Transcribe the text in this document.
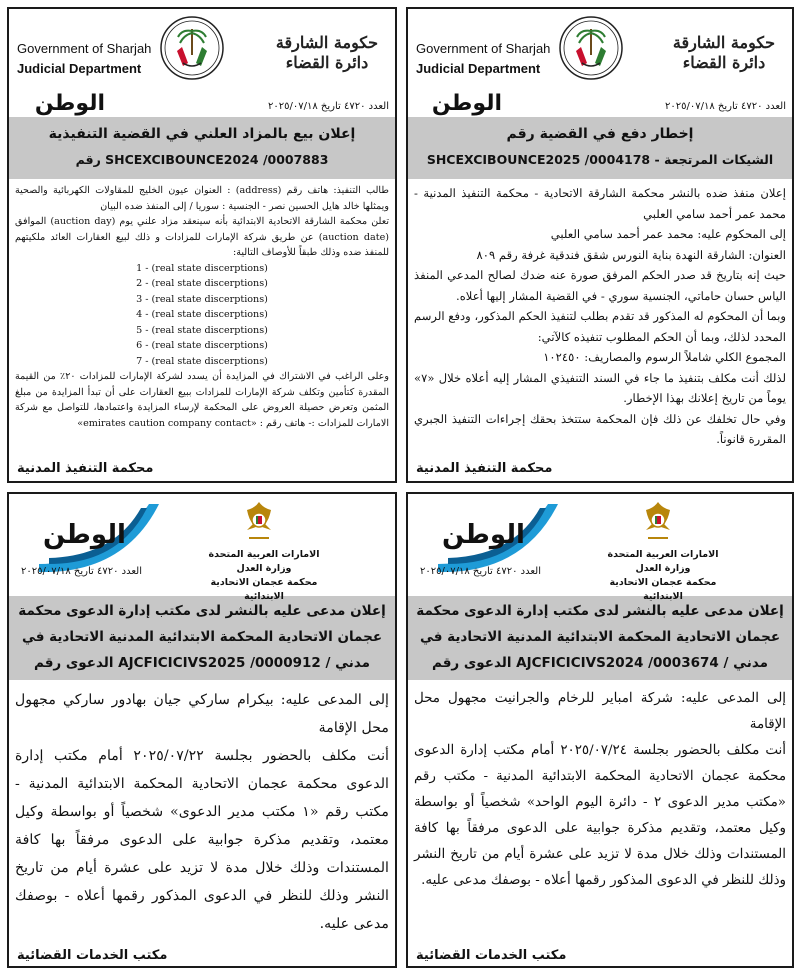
Government of Sharjah
Judicial Department
حكومة الشارقة
دائرة القضاء
الوطن	العدد ٤٧٢٠ تاريخ ٢٠٢٥/٠٧/١٨
إعلان بيع بالمزاد العلني في القضية التنفيذية
رقم SHCEXCIBOUNCE2024 /0007883

طالب التنفيذ: هاتف رقم (address) : العنوان عيون الخليج للمقاولات الكهربائية والصحية ويمثلها خالد هايل الحسين نصر - الجنسية : سوريا / إلى المنفذ ضده البيان

تعلن محكمة الشارقة الاتحادية الابتدائية بأنه سينعقد مزاد علني يوم (auction day) الموافق (auction date) عن طريق شركة الإمارات للمزادات و ذلك لبيع العقارات العائد ملكيتهم للمنفذ ضده وذلك طبقاً للأوصاف التالية:

1 - (real state discerptions)
2 - (real state discerptions)
3 - (real state discerptions)
4 - (real state discerptions)
5 - (real state discerptions)
6 - (real state discerptions)
7 - (real state discerptions)

وعلى الراغب في الاشتراك في المزايدة أن يسدد لشركة الإمارات للمزادات ٢٠٪ من القيمة المقدرة كتأمين وتكلف شركة الإمارات للمزادات ببيع العقارات على أن تبدأ المزايدة من مبلغ المثمن وتعرض حصيلة العروض على المحكمة لإرساء المزايدة واعتمادها، للتواصل مع شركة الامارات للمزادات :- هاتف رقم : «emirates caution company contact»

محكمة التنفيذ المدنية
Government of Sharjah
Judicial Department
حكومة الشارقة
دائرة القضاء
الوطن	العدد ٤٧٢٠ تاريخ ٢٠٢٥/٠٧/١٨
إخطار دفع في القضية رقم
SHCEXCIBOUNCE2025 /0004178 - الشيكات المرتجعة

إعلان منفذ ضده بالنشر محكمة الشارقة الاتحادية - محكمة التنفيذ المدنية - محمد عمر أحمد سامي العلبي

إلى المحكوم عليه: محمد عمر أحمد سامي العلبي

العنوان: الشارقة النهدة بناية النورس شقق فندقية غرفة رقم ٨٠٩

حيث إنه بتاريخ قد صدر الحكم المرفق صورة عنه ضدك لصالح المدعي المنفذ الياس حسان حاماتي، الجنسية سوري - في القضية المشار إليها أعلاه.

وبما أن المحكوم له المذكور قد تقدم بطلب لتنفيذ الحكم المذكور، ودفع الرسم المحدد لذلك، وبما أن الحكم المطلوب تنفيذه كالآتي:

المجموع الكلي شاملاً الرسوم والمصاريف: ١٠٢٤٥٠

لذلك أنت مكلف بتنفيذ ما جاء في السند التنفيذي المشار إليه أعلاه خلال «٧» يوماً من تاريخ إعلانك بهذا الإخطار.

وفي حال تخلفك عن ذلك فإن المحكمة ستتخذ بحقك إجراءات التنفيذ الجبري المقررة قانوناً.

محكمة التنفيذ المدنية
الوطن
العدد ٤٧٢٠ تاريخ ٢٠٢٥/٠٧/١٨
الامارات العربية المتحدة
وزارة العدل
محكمة عجمان الاتحادية الابتدائية
إعلان مدعى عليه بالنشر لدى مكتب إدارة الدعوى محكمة
عجمان الاتحادية المحكمة الابتدائية المدنية الاتحادية في
الدعوى رقم AJCFICICIVS2025 /0000912 / مدني

إلى المدعى عليه: بيكرام ساركي جيان بهادور ساركي مجهول محل الإقامة

أنت مكلف بالحضور بجلسة ٢٠٢٥/٠٧/٢٢ أمام مكتب إدارة الدعوى محكمة عجمان الاتحادية المحكمة الابتدائية المدنية - مكتب رقم «١ مكتب مدير الدعوى» شخصياً أو بواسطة وكيل معتمد، وتقديم مذكرة جوابية على الدعوى مرفقاً بها كافة المستندات وذلك خلال مدة لا تزيد على عشرة أيام من تاريخ النشر وذلك للنظر في الدعوى المذكور رقمها أعلاه - بوصفك مدعى عليه.

مكتب الخدمات القضائية
الوطن
العدد ٤٧٢٠ تاريخ ٢٠٢٥/٠٧/١٨
الامارات العربية المتحدة
وزارة العدل
محكمة عجمان الاتحادية الابتدائية
إعلان مدعى عليه بالنشر لدى مكتب إدارة الدعوى محكمة
عجمان الاتحادية المحكمة الابتدائية المدنية الاتحادية في
الدعوى رقم AJCFICICIVS2024 /0003674 / مدني

إلى المدعى عليه: شركة امباير للرخام والجرانيت مجهول محل الإقامة

أنت مكلف بالحضور بجلسة ٢٠٢٥/٠٧/٢٤ أمام مكتب إدارة الدعوى محكمة عجمان الاتحادية المحكمة الابتدائية المدنية - مكتب رقم «مكتب مدير الدعوى ٢ - دائرة اليوم الواحد» شخصياً أو بواسطة وكيل معتمد، وتقديم مذكرة جوابية على الدعوى مرفقاً بها كافة المستندات وذلك خلال مدة لا تزيد على عشرة أيام من تاريخ النشر وذلك للنظر في الدعوى المذكور رقمها أعلاه - بوصفك مدعى عليه.

مكتب الخدمات القضائية
